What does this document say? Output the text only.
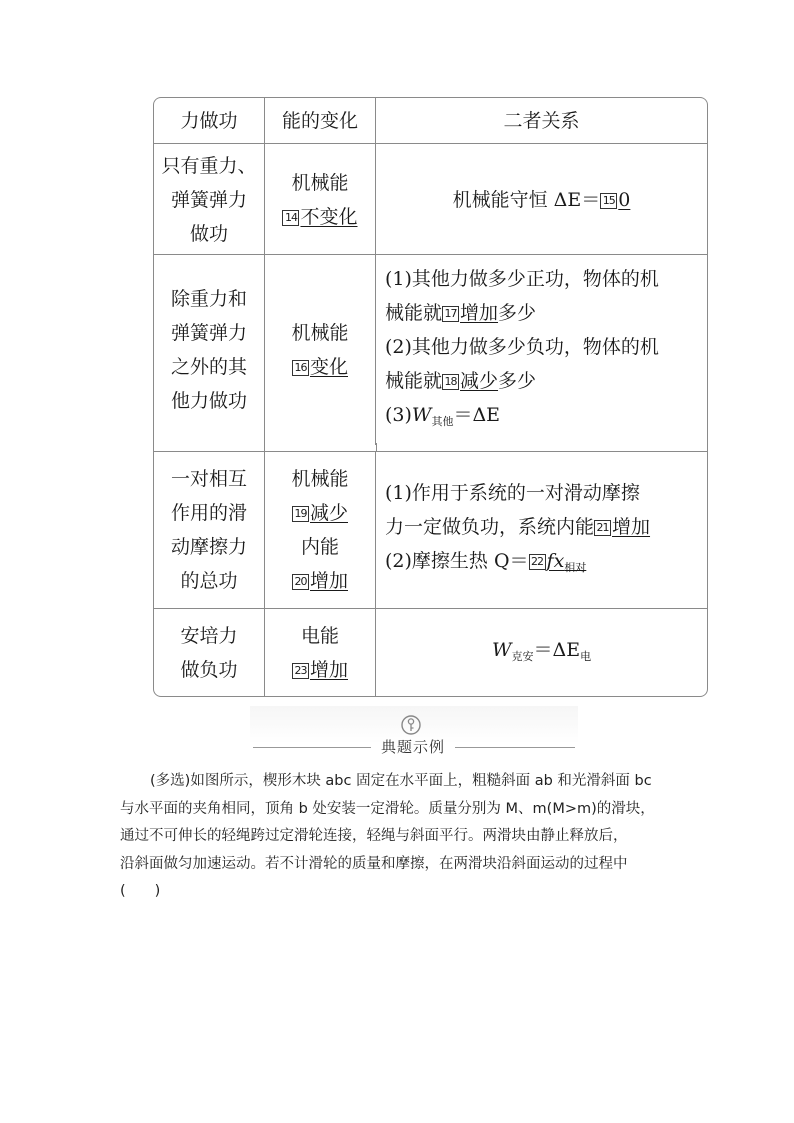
力做功	能的变化	二者关系
只有重力、
弹簧弹力
做功
机械能
14 不变化
机械能守恒 ΔE＝ 15 0
除重力和
弹簧弹力
之外的其
他力做功
机械能
16 变化
(1)其他力做多少正功，物体的机
械能就 17 增加多少
(2)其他力做多少负功，物体的机
械能就 18 减少多少
$(3)W_{其他}=\Delta E$
一对相互
作用的滑
动摩擦力
的总功
机械能
19 减少
内能
20 增加
(1)作用于系统的一对滑动摩擦
力一定做负功，系统内能 21 增加
(2)摩擦生热 Q＝ 22 $fx_{相对}$
安培力
做负功
电能
23 增加
$W_{克安}=\Delta E_电$
典题示例

(多选)如图所示，楔形木块 abc 固定在水平面上，粗糙斜面 ab 和光滑斜面 bc

与水平面的夹角相同，顶角 b 处安装一定滑轮。质量分别为 M、m(M>m)的滑块，

通过不可伸长的轻绳跨过定滑轮连接，轻绳与斜面平行。两滑块由静止释放后，

沿斜面做匀加速运动。若不计滑轮的质量和摩擦，在两滑块沿斜面运动的过程中

(　　)
